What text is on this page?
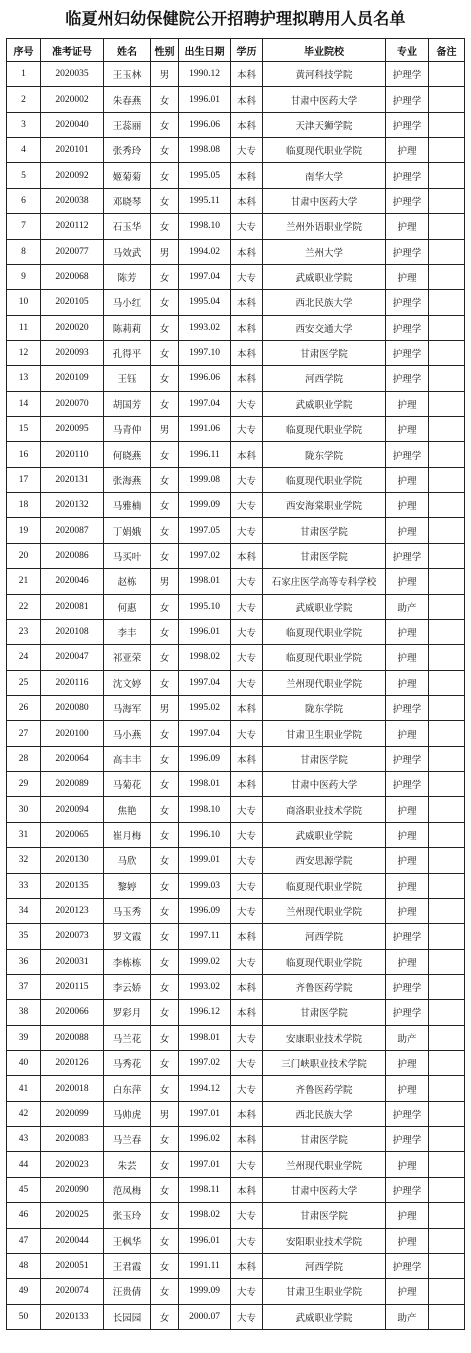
临夏州妇幼保健院公开招聘护理拟聘用人员名单
序号	准考证号	姓名	性别	出生日期	学历	毕业院校	专业	备注
1	2020035	王玉林	男	1990.12	本科	黄河科技学院	护理学	
2	2020002	朱春燕	女	1996.01	本科	甘肃中医药大学	护理学	
3	2020040	王蕊丽	女	1996.06	本科	天津天狮学院	护理学	
4	2020101	张秀玲	女	1998.08	大专	临夏现代职业学院	护理	
5	2020092	姬菊菊	女	1995.05	本科	南华大学	护理学	
6	2020038	邓晓琴	女	1995.11	本科	甘肃中医药大学	护理学	
7	2020112	石玉华	女	1998.10	大专	兰州外语职业学院	护理	
8	2020077	马效武	男	1994.02	本科	兰州大学	护理学	
9	2020068	陈芳	女	1997.04	大专	武威职业学院	护理	
10	2020105	马小红	女	1995.04	本科	西北民族大学	护理学	
11	2020020	陈莉莉	女	1993.02	本科	西安交通大学	护理学	
12	2020093	孔得平	女	1997.10	本科	甘肃医学院	护理学	
13	2020109	王钰	女	1996.06	本科	河西学院	护理学	
14	2020070	胡国芳	女	1997.04	大专	武威职业学院	护理	
15	2020095	马青仲	男	1991.06	大专	临夏现代职业学院	护理	
16	2020110	何晓燕	女	1996.11	本科	陇东学院	护理学	
17	2020131	张海燕	女	1999.08	大专	临夏现代职业学院	护理	
18	2020132	马雅楠	女	1999.09	大专	西安海棠职业学院	护理	
19	2020087	丁娟娥	女	1997.05	大专	甘肃医学院	护理	
20	2020086	马买叶	女	1997.02	本科	甘肃医学院	护理学	
21	2020046	赵栋	男	1998.01	大专	石家庄医学高等专科学校	护理	
22	2020081	何惠	女	1995.10	大专	武威职业学院	助产	
23	2020108	李丰	女	1996.01	大专	临夏现代职业学院	护理	
24	2020047	祁亚荣	女	1998.02	大专	临夏现代职业学院	护理	
25	2020116	沈文婷	女	1997.04	大专	兰州现代职业学院	护理	
26	2020080	马海军	男	1995.02	本科	陇东学院	护理学	
27	2020100	马小燕	女	1997.04	大专	甘肃卫生职业学院	护理	
28	2020064	高丰丰	女	1996.09	本科	甘肃医学院	护理学	
29	2020089	马菊花	女	1998.01	本科	甘肃中医药大学	护理学	
30	2020094	焦艳	女	1998.10	大专	商洛职业技术学院	护理	
31	2020065	崔月梅	女	1996.10	大专	武威职业学院	护理	
32	2020130	马欣	女	1999.01	大专	西安思源学院	护理	
33	2020135	黎婷	女	1999.03	大专	临夏现代职业学院	护理	
34	2020123	马玉秀	女	1996.09	大专	兰州现代职业学院	护理	
35	2020073	罗文霞	女	1997.11	本科	河西学院	护理学	
36	2020031	李栋栋	女	1999.02	大专	临夏现代职业学院	护理	
37	2020115	李云娇	女	1993.02	本科	齐鲁医药学院	护理学	
38	2020066	罗彩月	女	1996.12	本科	甘肃医学院	护理学	
39	2020088	马兰花	女	1998.01	大专	安康职业技术学院	助产	
40	2020126	马秀花	女	1997.02	大专	三门峡职业技术学院	护理	
41	2020018	白东萍	女	1994.12	大专	齐鲁医药学院	护理	
42	2020099	马帅虎	男	1997.01	本科	西北民族大学	护理学	
43	2020083	马兰春	女	1996.02	本科	甘肃医学院	护理学	
44	2020023	朱芸	女	1997.01	大专	兰州现代职业学院	护理	
45	2020090	范凤梅	女	1998.11	本科	甘肃中医药大学	护理学	
46	2020025	张玉玲	女	1998.02	大专	甘肃医学院	护理	
47	2020044	王枫华	女	1996.01	大专	安阳职业技术学院	护理	
48	2020051	王君霞	女	1991.11	本科	河西学院	护理学	
49	2020074	汪贵倩	女	1999.09	大专	甘肃卫生职业学院	护理	
50	2020133	长园园	女	2000.07	大专	武威职业学院	助产	
